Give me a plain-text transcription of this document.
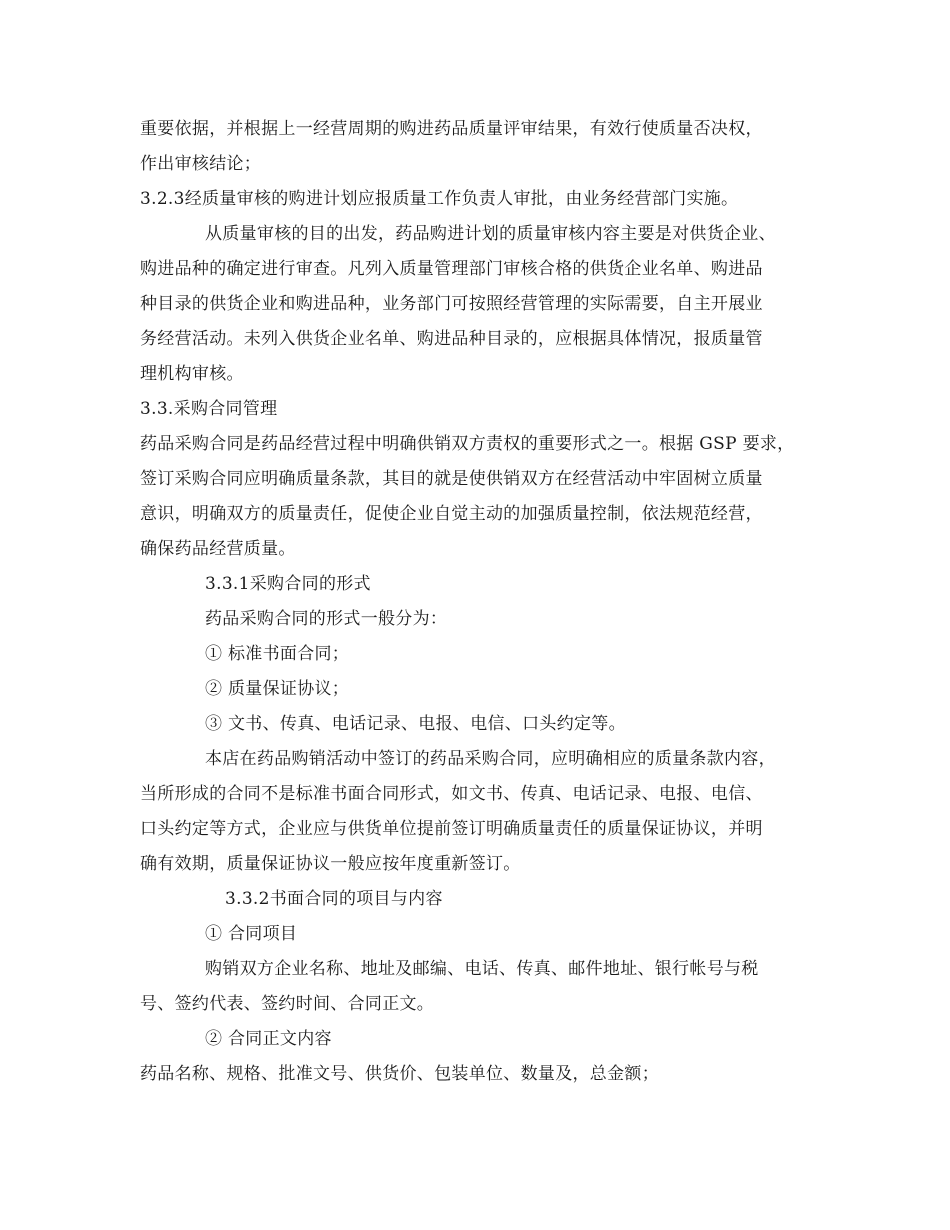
重要依据，并根据上一经营周期的购进药品质量评审结果，有效行使质量否决权，
作出审核结论；
3.2.3经质量审核的购进计划应报质量工作负责人审批，由业务经营部门实施。
从质量审核的目的出发，药品购进计划的质量审核内容主要是对供货企业、
购进品种的确定进行审查。凡列入质量管理部门审核合格的供货企业名单、购进品
种目录的供货企业和购进品种，业务部门可按照经营管理的实际需要，自主开展业
务经营活动。未列入供货企业名单、购进品种目录的，应根据具体情况，报质量管
理机构审核。
3.3.采购合同管理
药品采购合同是药品经营过程中明确供销双方责权的重要形式之一。根据 GSP 要求，
签订采购合同应明确质量条款，其目的就是使供销双方在经营活动中牢固树立质量
意识，明确双方的质量责任，促使企业自觉主动的加强质量控制，依法规范经营，
确保药品经营质量。
3.3.1采购合同的形式
药品采购合同的形式一般分为：
① 标准书面合同；
② 质量保证协议；
③ 文书、传真、电话记录、电报、电信、口头约定等。
本店在药品购销活动中签订的药品采购合同，应明确相应的质量条款内容，
当所形成的合同不是标准书面合同形式，如文书、传真、电话记录、电报、电信、
口头约定等方式，企业应与供货单位提前签订明确质量责任的质量保证协议，并明
确有效期，质量保证协议一般应按年度重新签订。
3.3.2书面合同的项目与内容
① 合同项目
购销双方企业名称、地址及邮编、电话、传真、邮件地址、银行帐号与税
号、签约代表、签约时间、合同正文。
② 合同正文内容
药品名称、规格、批准文号、供货价、包装单位、数量及，总金额；
